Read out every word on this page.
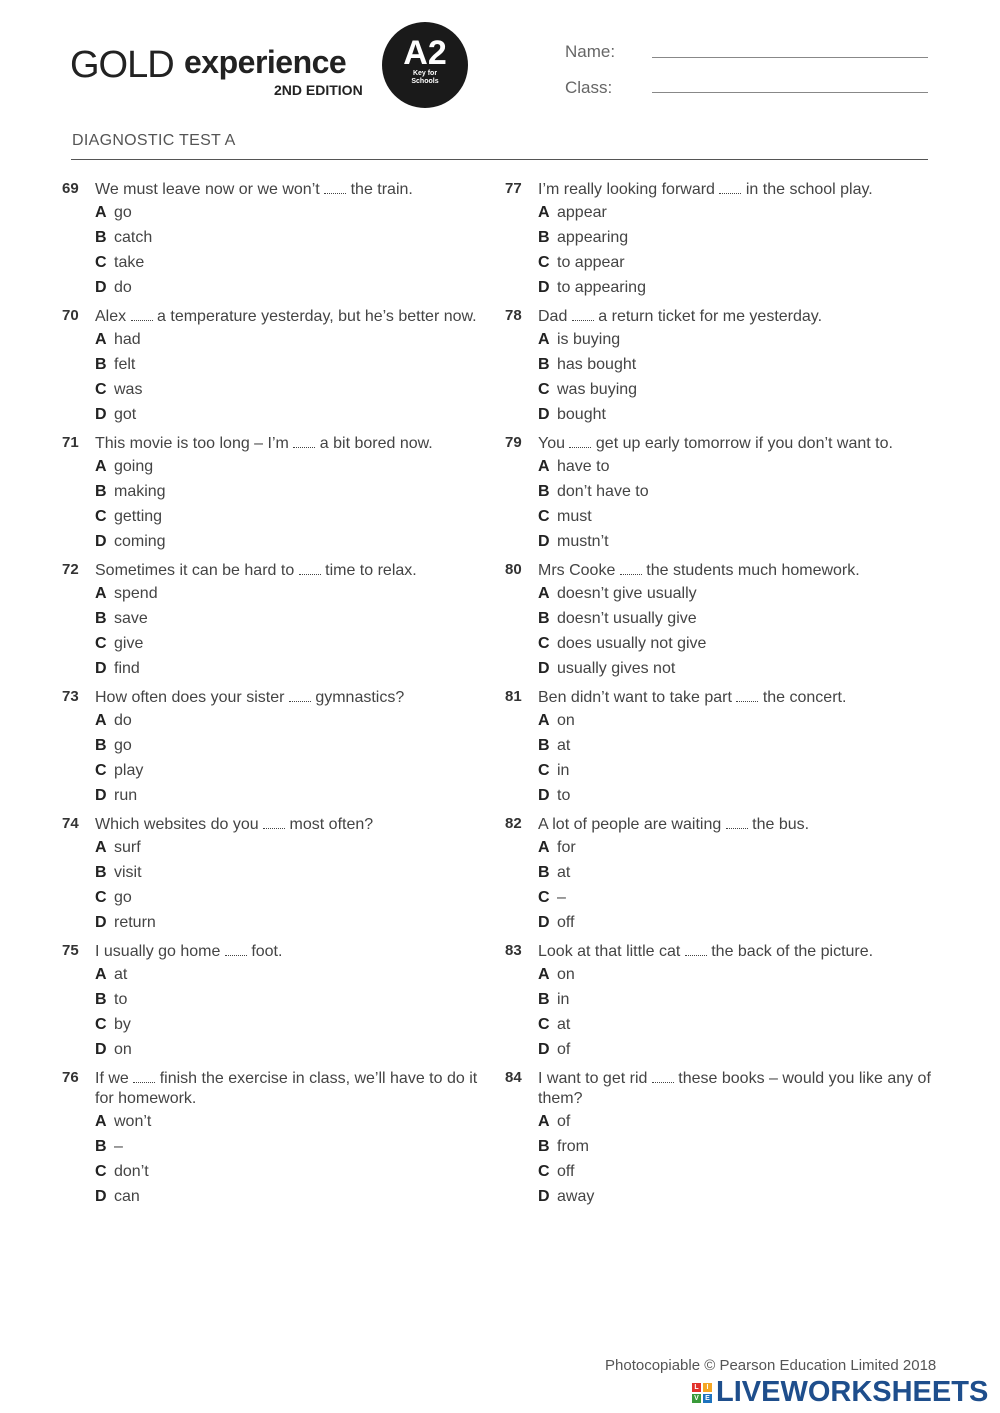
GOLD experience
2ND EDITION
A2
Key for
Schools
Name:
Class:
DIAGNOSTIC TEST A
69 We must leave now or we won’t the train.
A go
B catch
C take
D do
70 Alex a temperature yesterday, but he’s better now.
A had
B felt
C was
D got
71 This movie is too long – I’m a bit bored now.
A going
B making
C getting
D coming
72 Sometimes it can be hard to time to relax.
A spend
B save
C give
D find
73 How often does your sister gymnastics?
A do
B go
C play
D run
74 Which websites do you most often?
A surf
B visit
C go
D return
75 I usually go home foot.
A at
B to
C by
D on
76 If we finish the exercise in class, we’ll have to do it for homework.
A won’t
B –
C don’t
D can
77 I’m really looking forward in the school play.
A appear
B appearing
C to appear
D to appearing
78 Dad a return ticket for me yesterday.
A is buying
B has bought
C was buying
D bought
79 You get up early tomorrow if you don’t want to.
A have to
B don’t have to
C must
D mustn’t
80 Mrs Cooke the students much homework.
A doesn’t give usually
B doesn’t usually give
C does usually not give
D usually gives not
81 Ben didn’t want to take part the concert.
A on
B at
C in
D to
82 A lot of people are waiting the bus.
A for
B at
C –
D off
83 Look at that little cat the back of the picture.
A on
B in
C at
D of
84 I want to get rid these books – would you like any of them?
A of
B from
C off
D away
Photocopiable © Pearson Education Limited 2018
L	I
V E LIVEWORKSHEETS
